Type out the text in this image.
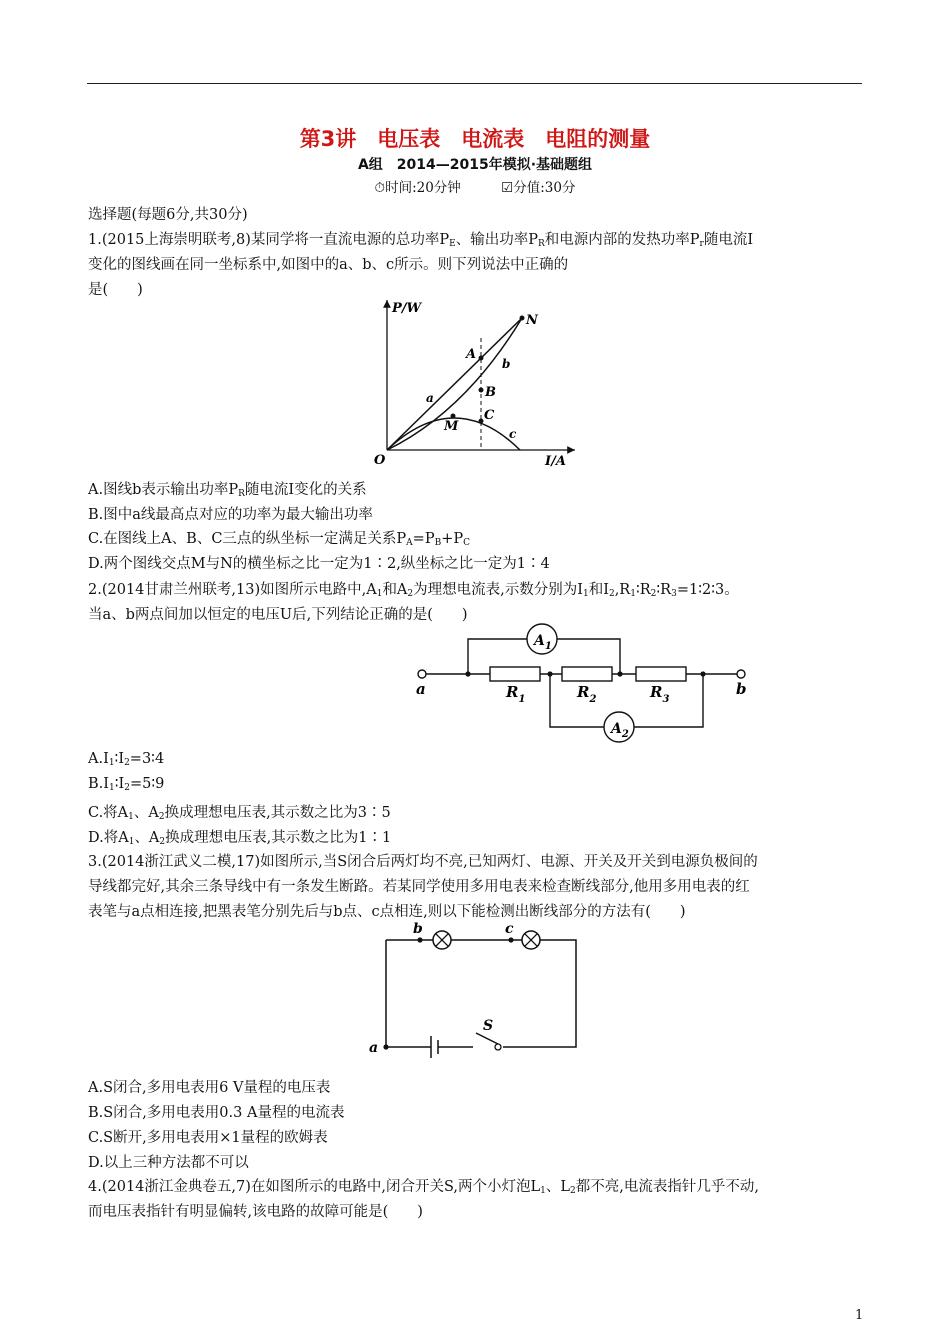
第3讲　电压表　电流表　电阻的测量
A组　2014—2015年模拟·基础题组
⏱时间:20分钟	☑分值:30分
选择题(每题6分,共30分)
1.(2015上海崇明联考,8)某同学将一直流电源的总功率$P_E$、输出功率$P_R$和电源内部的发热功率$P_r$随电流I
变化的图线画在同一坐标系中,如图中的a、b、c所示。则下列说法中正确的
是(　　)
P/W
I/A
O
N
A
b
B
a
C
M	c
A.图线b表示输出功率$P_R$随电流I变化的关系
B.图中a线最高点对应的功率为最大输出功率
C.在图线上A、B、C三点的纵坐标一定满足关系$P_A=P_B+P_C$
D.两个图线交点M与N的横坐标之比一定为1∶2,纵坐标之比一定为1∶4
2.(2014甘肃兰州联考,13)如图所示电路中$,A_1$和$A_2$为理想电流表,示数分别为$I_1$和$I_2,R_1∶R_2∶R_3=1∶2∶3$。
当a、b两点间加以恒定的电压U后,下列结论正确的是(　　)
a	b
$A_1$
$A_2$
$R_1$	$R_2$	$R_3$
$A.I_1∶I_2=3∶4$
$B.I_1∶I_2=5∶9$
C.将$A_1$、$A_2$换成理想电压表,其示数之比为3∶5
D.将$A_1$、$A_2$换成理想电压表,其示数之比为1∶1
3.(2014浙江武义二模,17)如图所示,当S闭合后两灯均不亮,已知两灯、电源、开关及开关到电源负极间的
导线都完好,其余三条导线中有一条发生断路。若某同学使用多用电表来检查断线部分,他用多用电表的红
表笔与a点相连接,把黑表笔分别先后与b点、c点相连,则以下能检测出断线部分的方法有(　　)
b	c
a
S
A.S闭合,多用电表用6 V量程的电压表
B.S闭合,多用电表用0.3 A量程的电流表
C.S断开,多用电表用×1量程的欧姆表
D.以上三种方法都不可以
4.(2014浙江金典卷五,7)在如图所示的电路中,闭合开关S,两个小灯泡$L_1$、$L_2$都不亮,电流表指针几乎不动,
而电压表指针有明显偏转,该电路的故障可能是(　　)
1
